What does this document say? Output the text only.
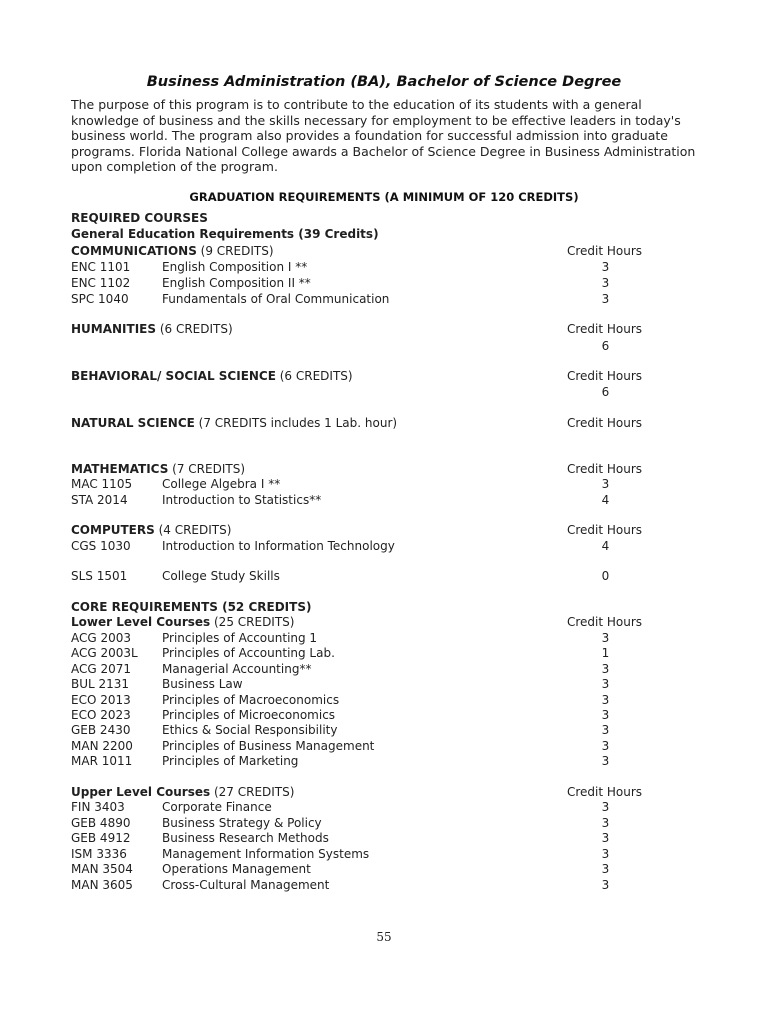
Business Administration (BA), Bachelor of Science Degree
The purpose of this program is to contribute to the education of its students with a general knowledge of business and the skills necessary for employment to be effective leaders in today's business world. The program also provides a foundation for successful admission into graduate programs. Florida National College awards a Bachelor of Science Degree in Business Administration upon completion of the program.
GRADUATION REQUIREMENTS (A MINIMUM OF 120 CREDITS)
REQUIRED COURSES
General Education Requirements (39 Credits)
COMMUNICATIONS (9 CREDITS)	Credit Hours
ENC 1101	English Composition I **	3
ENC 1102	English Composition II **	3
SPC 1040	Fundamentals of Oral Communication	3
HUMANITIES (6 CREDITS)	Credit Hours
6
BEHAVIORAL/ SOCIAL SCIENCE (6 CREDITS)	Credit Hours
6
NATURAL SCIENCE (7 CREDITS includes 1 Lab. hour)	Credit Hours
MATHEMATICS (7 CREDITS)	Credit Hours
MAC 1105 College Algebra I **	3
STA 2014	Introduction to Statistics**	4
COMPUTERS (4 CREDITS)	Credit Hours
CGS 1030	Introduction to Information Technology	4
SLS 1501	College Study Skills	0
CORE REQUIREMENTS (52 CREDITS)
Lower Level Courses (25 CREDITS)	Credit Hours
ACG 2003	Principles of Accounting 1	3
ACG 2003L Principles of Accounting Lab.	1
ACG 2071	Managerial Accounting**	3
BUL 2131	Business Law	3
ECO 2013	Principles of Macroeconomics	3
ECO 2023	Principles of Microeconomics	3
GEB 2430	Ethics & Social Responsibility	3
MAN 2200 Principles of Business Management	3
MAR 1011 Principles of Marketing	3
Upper Level Courses (27 CREDITS)	Credit Hours
FIN 3403	Corporate Finance	3
GEB 4890	Business Strategy & Policy	3
GEB 4912	Business Research Methods	3
ISM 3336	Management Information Systems	3
MAN 3504 Operations Management	3
MAN 3605 Cross-Cultural Management	3
55
